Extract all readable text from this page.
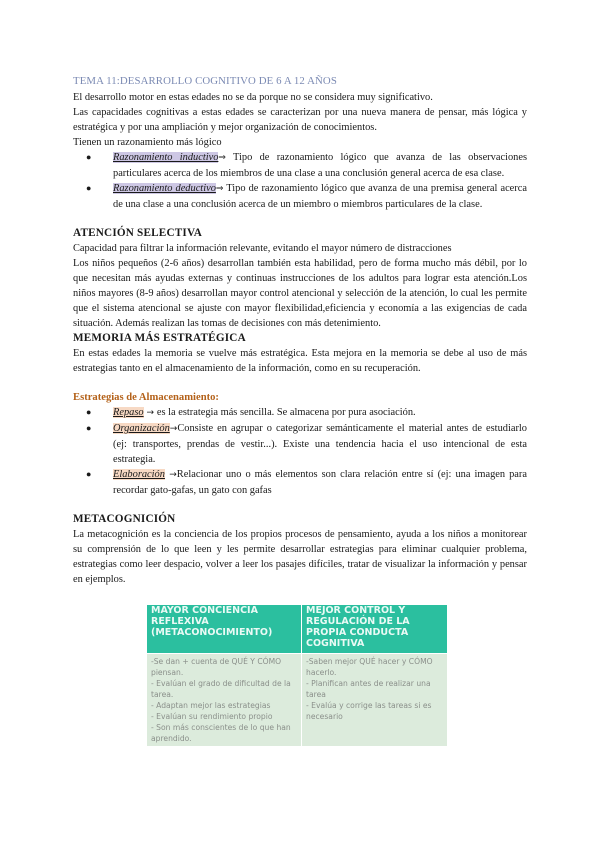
TEMA 11:DESARROLLO COGNITIVO DE 6 A 12 AÑOS

El desarrollo motor en estas edades no se da porque no se considera muy significativo.

Las capacidades cognitivas a estas edades se caracterizan por una nueva manera de pensar, más lógica y estratégica y por una ampliación y mejor organización de conocimientos.

Tienen un razonamiento más lógico

● Razonamiento inductivo⇒ Tipo de razonamiento lógico que avanza de las observaciones particulares acerca de los miembros de una clase a una conclusión general acerca de esa clase.
● Razonamiento deductivo⇒ Tipo de razonamiento lógico que avanza de una premisa general acerca de una clase a una conclusión acerca de un miembro o miembros particulares de la clase.
ATENCIÓN SELECTIVA

Capacidad para filtrar la información relevante, evitando el mayor número de distracciones

Los niños pequeños (2-6 años) desarrollan también esta habilidad, pero de forma mucho más débil, por lo que necesitan más ayudas externas y continuas instrucciones de los adultos para lograr esta atención.Los niños mayores (8-9 años) desarrollan mayor control atencional y selección de la atención, lo cual les permite que el sistema atencional se ajuste con mayor flexibilidad,eficiencia y economía a las exigencias de cada situación. Además realizan las tomas de decisiones con más detenimiento.

MEMORIA MÁS ESTRATÉGICA

En estas edades la memoria se vuelve más estratégica. Esta mejora en la memoria se debe al uso de más estrategias tanto en el almacenamiento de la información, como en su recuperación.

Estrategias de Almacenamiento:

● Repaso → es la estrategia más sencilla. Se almacena por pura asociación.
● Organización→Consiste en agrupar o categorizar semánticamente el material antes de estudiarlo (ej: transportes, prendas de vestir...). Existe una tendencia hacia el uso intencional de esta estrategia.
● Elaboración →Relacionar uno o más elementos son clara relación entre sí (ej: una imagen para recordar gato-gafas, un gato con gafas
METACOGNICIÓN

La metacognición es la conciencia de los propios procesos de pensamiento, ayuda a los niños a monitorear su comprensión de lo que leen y les permite desarrollar estrategias para eliminar cualquier problema, estrategias como leer despacio, volver a leer los pasajes difíciles, tratar de visualizar la información y pensar en ejemplos.

MAYOR CONCIENCIA
REFLEXIVA
(METACONOCIMIENTO)	MEJOR CONTROL Y
REGULACIÓN DE LA
PROPIA CONDUCTA
COGNITIVA

-Se dan + cuenta de QUÉ Y CÓMO piensan.
- Evalúan el grado de dificultad de la tarea.
- Adaptan mejor las estrategias
- Evalúan su rendimiento propio
- Son más conscientes de lo que han aprendido.	-Saben mejor QUÉ hacer y CÓMO hacerlo.
- Planifican antes de realizar una tarea
- Evalúa y corrige las tareas si es necesario
